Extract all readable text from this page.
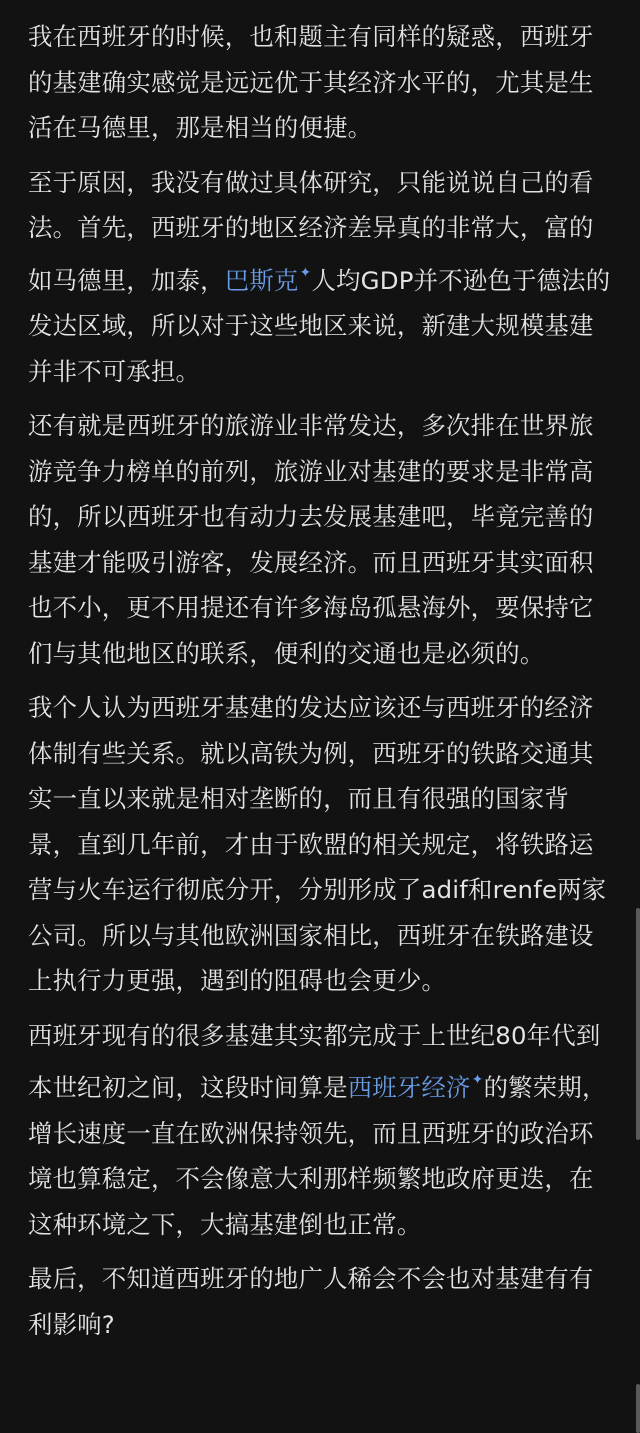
我在西班牙的时候，也和题主有同样的疑惑，西班牙的基建确实感觉是远远优于其经济水平的，尤其是生活在马德里，那是相当的便捷。

至于原因，我没有做过具体研究，只能说说自己的看法。首先，西班牙的地区经济差异真的非常大，富的如马德里，加泰，巴斯克✦人均GDP并不逊色于德法的发达区域，所以对于这些地区来说，新建大规模基建并非不可承担。

还有就是西班牙的旅游业非常发达，多次排在世界旅游竞争力榜单的前列，旅游业对基建的要求是非常高的，所以西班牙也有动力去发展基建吧，毕竟完善的基建才能吸引游客，发展经济。而且西班牙其实面积也不小，更不用提还有许多海岛孤悬海外，要保持它们与其他地区的联系，便利的交通也是必须的。

我个人认为西班牙基建的发达应该还与西班牙的经济体制有些关系。就以高铁为例，西班牙的铁路交通其实一直以来就是相对垄断的，而且有很强的国家背景，直到几年前，才由于欧盟的相关规定，将铁路运营与火车运行彻底分开，分别形成了adif和renfe两家公司。所以与其他欧洲国家相比，西班牙在铁路建设上执行力更强，遇到的阻碍也会更少。

西班牙现有的很多基建其实都完成于上世纪80年代到本世纪初之间，这段时间算是西班牙经济✦的繁荣期，增长速度一直在欧洲保持领先，而且西班牙的政治环境也算稳定，不会像意大利那样频繁地政府更迭，在这种环境之下，大搞基建倒也正常。

最后，不知道西班牙的地广人稀会不会也对基建有有利影响?
